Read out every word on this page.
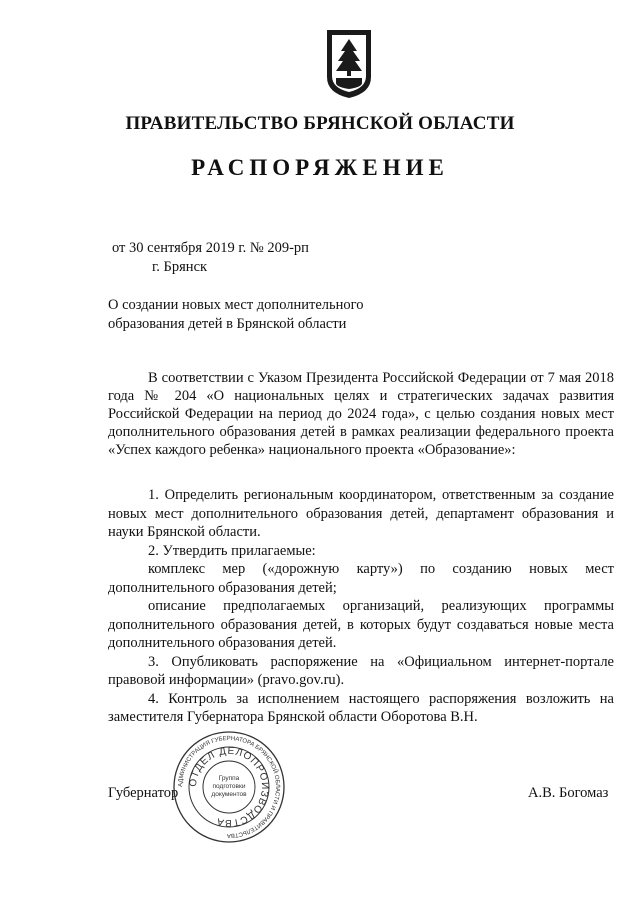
ПРАВИТЕЛЬСТВО БРЯНСКОЙ ОБЛАСТИ
РАСПОРЯЖЕНИЕ
от 30 сентября 2019 г. № 209-рп
г. Брянск
О создании новых мест дополнительного
образования детей в Брянской области

В соответствии с Указом Президента Российской Федерации от 7 мая 2018 года № 204 «О национальных целях и стратегических задачах развития Российской Федерации на период до 2024 года», с целью создания новых мест дополнительного образования детей в рамках реализации федерального проекта «Успех каждого ребенка» национального проекта «Образование»:

1. Определить региональным координатором, ответственным за создание новых мест дополнительного образования детей, департамент образования и науки Брянской области.

2. Утвердить прилагаемые:

комплекс мер («дорожную карту») по созданию новых мест дополнительного образования детей;

описание предполагаемых организаций, реализующих программы дополнительного образования детей, в которых будут создаваться новые места дополнительного образования детей.

3. Опубликовать распоряжение на «Официальном интернет-портале правовой информации» (pravo.gov.ru).

4. Контроль за исполнением настоящего распоряжения возложить на заместителя Губернатора Брянской области Оборотова В.Н.

Губернатор	А.В. Богомаз
АДМИНИСТРАЦИЯ ГУБЕРНАТОРА БРЯНСКОЙ ОБЛАСТИ И ПРАВИТЕЛЬСТВА
ОТДЕЛ ДЕЛОПРОИЗВОДСТВА
Группа
подготовки
документов
